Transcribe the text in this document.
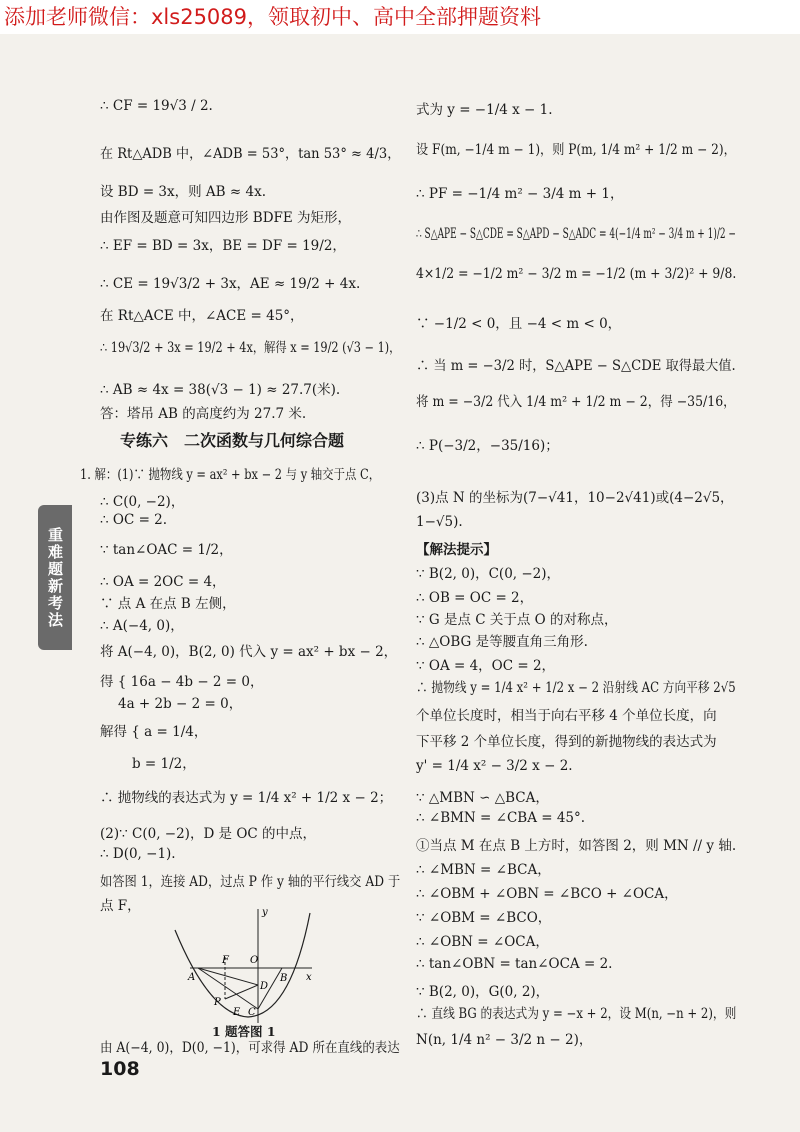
添加老师微信：xls25089，领取初中、高中全部押题资料
重难题新考法
∴ CF = 19√3 / 2.
在 Rt△ADB 中，∠ADB = 53°，tan 53° ≈ 4/3，
设 BD = 3x，则 AB ≈ 4x.
由作图及题意可知四边形 BDFE 为矩形，
∴ EF = BD = 3x，BE = DF = 19/2，
∴ CE = 19√3/2 + 3x，AE ≈ 19/2 + 4x.
在 Rt△ACE 中，∠ACE = 45°，
∴ 19√3/2 + 3x = 19/2 + 4x，解得 x = 19/2 (√3 − 1)，
∴ AB ≈ 4x = 38(√3 − 1) ≈ 27.7(米).
答：塔吊 AB 的高度约为 27.7 米.
专练六　二次函数与几何综合题
1. 解：(1)∵ 抛物线 y = ax² + bx − 2 与 y 轴交于点 C，
∴ C(0, −2)，
∴ OC = 2.
∵ tan∠OAC = 1/2，
∴ OA = 2OC = 4，
∵ 点 A 在点 B 左侧，
∴ A(−4, 0)，
将 A(−4, 0)，B(2, 0) 代入 y = ax² + bx − 2，
得 { 16a − 4b − 2 = 0，
4a + 2b − 2 = 0，
解得 { a = 1/4，
b = 1/2，
∴ 抛物线的表达式为 y = 1/4 x² + 1/2 x − 2；
(2)∵ C(0, −2)，D 是 OC 的中点，
∴ D(0, −1).
如答图 1，连接 AD，过点 P 作 y 轴的平行线交 AD 于
点 F，
由 A(−4, 0)，D(0, −1)，可求得 AD 所在直线的表达
式为 y = −1/4 x − 1.
设 F(m, −1/4 m − 1)，则 P(m, 1/4 m² + 1/2 m − 2)，
∴ PF = −1/4 m² − 3/4 m + 1，
∴ S△APE − S△CDE = S△APD − S△ADC = 4(−1/4 m² − 3/4 m + 1)/2 −
4×1/2 = −1/2 m² − 3/2 m = −1/2 (m + 3/2)² + 9/8.
∵ −1/2 < 0，且 −4 < m < 0，
∴ 当 m = −3/2 时，S△APE − S△CDE 取得最大值.
将 m = −3/2 代入 1/4 m² + 1/2 m − 2，得 −35/16，
∴ P(−3/2，−35/16)；
(3)点 N 的坐标为(7−√41，10−2√41)或(4−2√5，
1−√5).
【解法提示】
∵ B(2, 0)，C(0, −2)，
∴ OB = OC = 2，
∵ G 是点 C 关于点 O 的对称点，
∴ △OBG 是等腰直角三角形.
∵ OA = 4，OC = 2，
∴ 抛物线 y = 1/4 x² + 1/2 x − 2 沿射线 AC 方向平移 2√5
个单位长度时，相当于向右平移 4 个单位长度，向
下平移 2 个单位长度，得到的新抛物线的表达式为
y' = 1/4 x² − 3/2 x − 2.
∵ △MBN ∽ △BCA，
∴ ∠BMN = ∠CBA = 45°.
①当点 M 在点 B 上方时，如答图 2，则 MN // y 轴.
∴ ∠MBN = ∠BCA，
∴ ∠OBM + ∠OBN = ∠BCO + ∠OCA，
∵ ∠OBM = ∠BCO，
∴ ∠OBN = ∠OCA，
∴ tan∠OBN = tan∠OCA = 2.
∵ B(2, 0)，G(0, 2)，
∴ 直线 BG 的表达式为 y = −x + 2，设 M(n, −n + 2)，则
N(n, 1/4 n² − 3/2 n − 2)，
y
x
O
A	B
F
D
P
E C
1 题答图 1
108
